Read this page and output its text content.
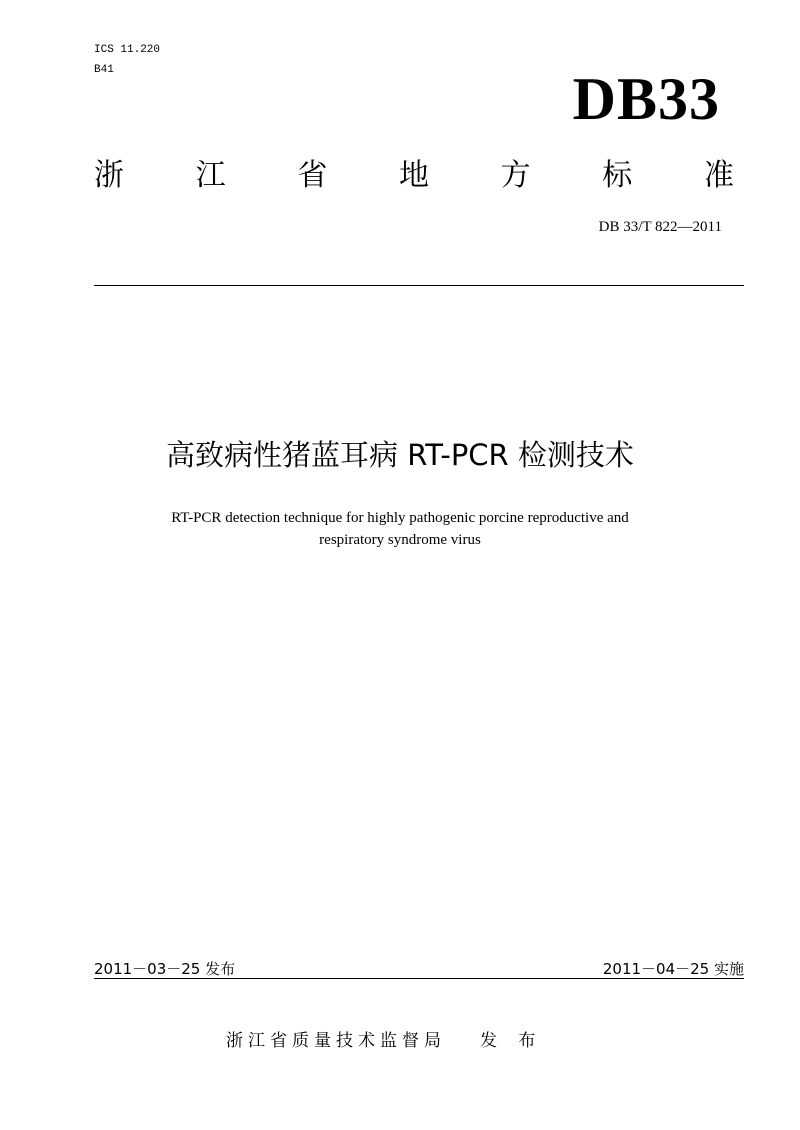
ICS 11.220
B41	DB33
浙 江 省 地 方 标 准
DB 33/T 822—2011
高致病性猪蓝耳病 RT-PCR 检测技术
RT-PCR detection technique for highly pathogenic porcine reproductive and
respiratory syndrome virus
2011－03－25 发布	2011－04－25 实施
浙江省质量技术监督局 发 布
